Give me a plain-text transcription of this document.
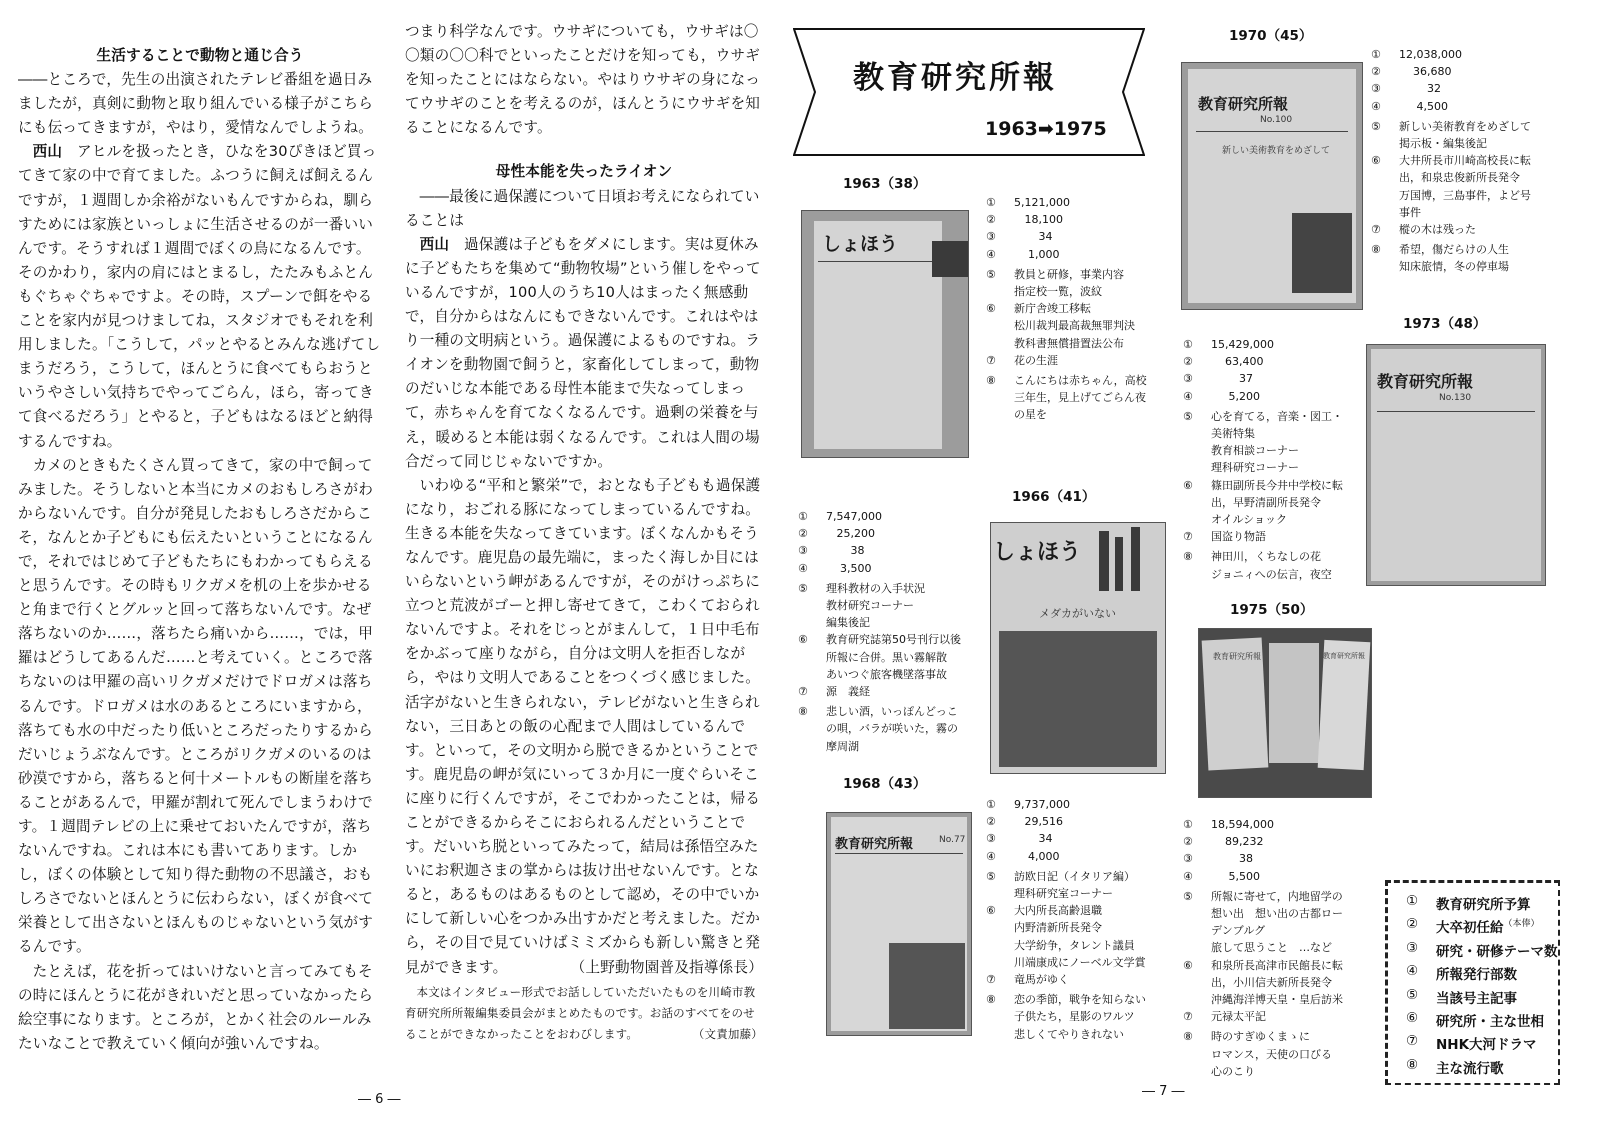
生活することで動物と通じ合う

――ところで，先生の出演されたテレビ番組を過日みましたが，真剣に動物と取り組んでいる様子がこちらにも伝ってきますが，やはり，愛情なんでしようね。

西山　 アヒルを扱ったとき，ひなを30ぴきほど買ってきて家の中で育てました。ふつうに飼えば飼えるんですが，１週間しか余裕がないもんですからね，馴らすためには家族といっしょに生活させるのが一番いいんです。そうすれば１週間でぼくの鳥になるんです。そのかわり，家内の肩にはとまるし，たたみもふとんもぐちゃぐちゃですよ。その時，スプーンで餌をやることを家内が見つけましてね，スタジオでもそれを利用しました。「こうして，パッとやるとみんな逃げてしまうだろう，こうして，ほんとうに食べてもらおうというやさしい気持ちでやってごらん，ほら，寄ってきて食べるだろう」とやると，子どもはなるほどと納得するんですね。

カメのときもたくさん買ってきて，家の中で飼ってみました。そうしないと本当にカメのおもしろさがわからないんです。自分が発見したおもしろさだからこそ，なんとか子どもにも伝えたいということになるんで，それではじめて子どもたちにもわかってもらえると思うんです。その時もリクガメを机の上を歩かせると角まで行くとグルッと回って落ちないんです。なぜ落ちないのか……，落ちたら痛いから……，では，甲羅はどうしてあるんだ……と考えていく。ところで落ちないのは甲羅の高いリクガメだけでドロガメは落ちるんです。ドロガメは水のあるところにいますから，落ちても水の中だったり低いところだったりするからだいじょうぶなんです。ところがリクガメのいるのは砂漠ですから，落ちると何十メートルもの断崖を落ちることがあるんで，甲羅が割れて死んでしまうわけです。１週間テレビの上に乗せておいたんですが，落ちないんですね。これは本にも書いてあります。しかし，ぼくの体験として知り得た動物の不思議さ，おもしろさでないとほんとうに伝わらない，ぼくが食べて栄養として出さないとほんものじゃないという気がするんです。

たとえば，花を折ってはいけないと言ってみてもその時にほんとうに花がきれいだと思っていなかったら絵空事になります。ところが，とかく社会のルールみたいなことで教えていく傾向が強いんですね。

つまり科学なんです。ウサギについても，ウサギは〇〇類の〇〇科でといったことだけを知っても，ウサギを知ったことにはならない。やはりウサギの身になってウサギのことを考えるのが，ほんとうにウサギを知ることになるんです。

母性本能を失ったライオン

――最後に過保護について日頃お考えになられていることは

西山　 過保護は子どもをダメにします。実は夏休みに子どもたちを集めて“動物牧場”という催しをやっているんですが，100人のうち10人はまったく無感動で，自分からはなんにもできないんです。これはやはり一種の文明病という。過保護によるものですね。ライオンを動物園で飼うと，家畜化してしまって，動物のだいじな本能である母性本能まで失なってしまって，赤ちゃんを育てなくなるんです。過剰の栄養を与え，暖めると本能は弱くなるんです。これは人間の場合だって同じじゃないですか。

いわゆる“平和と繁栄”で，おとなも子どもも過保護になり，おごれる豚になってしまっているんですね。生きる本能を失なってきています。ぼくなんかもそうなんです。鹿児島の最先端に，まったく海しか目にはいらないという岬があるんですが，そのがけっぷちに立つと荒波がゴーと押し寄せてきて，こわくておられないんですよ。それをじっとがまんして，１日中毛布をかぶって座りながら，自分は文明人を拒否しながら，やはり文明人であることをつくづく感じました。活字がないと生きられない，テレビがないと生きられない，三日あとの飯の心配まで人間はしているんです。といって，その文明から脱できるかということです。鹿児島の岬が気にいって３か月に一度ぐらいそこに座りに行くんですが，そこでわかったことは，帰ることができるからそこにおられるんだということです。だいいち脱といってみたって，結局は孫悟空みたいにお釈迦さまの掌からは抜け出せないんです。となると，あるものはあるものとして認め，その中でいかにして新しい心をつかみ出すかだと考えました。だから，その目で見ていけばミミズからも新しい驚きと発見ができます。	（上野動物園普及指導係長）

本文はインタビュー形式でお話ししていただいたものを川崎市教育研究所所報編集委員会がまとめたものです。お話のすべてをのせることができなかったことをおわびします。	（文責加藤）

― 6 ―
教育研究所報
1963➡1975
1963（38）
しょほう
①	5,121,000
②	18,100
③	34
④	1,000
⑤	教員と研修，事業内容
指定校一覧，波紋
⑥	新庁舎竣工移転
松川裁判最高裁無罪判決
教科書無償措置法公布
⑦	花の生涯
⑧	こんにちは赤ちゃん，高校
三年生，見上げてごらん夜
の星を
1966（41）
しょほう
メダカがいない
①	7,547,000
②	25,200
③	38
④	3,500
⑤	理科教材の入手状況
教材研究コーナー
編集後記
⑥	教育研究誌第50号刊行以後
所報に合併。黒い霧解散
あいつぐ旅客機墜落事故
⑦	源　義経
⑧	悲しい酒，いっぽんどっこ
の唄，バラが咲いた，霧の
摩周湖
1968（43）
教育研究所報	No.77
①	9,737,000
②	29,516
③	34
④	4,000
⑤	訪欧日記（イタリア編）
理科研究室コーナー
⑥	大内所長高齢退職
内野清新所長発令
大学紛争，タレント議員
川端康成にノーベル文学賞
⑦	竜馬がゆく
⑧	恋の季節，戦争を知らない
子供たち，星影のワルツ
悲しくてやりきれない
1970（45）
教育研究所報
No.100
新しい美術教育をめざして
①	12,038,000
②	36,680
③	32
④	4,500
⑤	新しい美術教育をめざして
掲示板・編集後記
⑥	大井所長市川崎高校長に転
出，和泉忠俊新所長発令
万国博，三島事件，よど号
事件
⑦	樅の木は残った
⑧	希望，傷だらけの人生
知床旅情，冬の停車場
1973（48）
教育研究所報
No.130
①	15,429,000
②	63,400
③	37
④	5,200
⑤	心を育てる，音楽・図工・
美術特集
教育相談コーナー
理科研究コーナー
⑥	篠田副所長今井中学校に転
出，早野清副所長発令
オイルショック
⑦	国盗り物語
⑧	神田川，くちなしの花
ジョニィへの伝言，夜空
1975（50）
教育研究所報	教育研究所報
①	18,594,000
②	89,232
③	38
④	5,500
⑤	所報に寄せて，内地留学の
想い出　想い出の古都ロー
デンブルグ
旅して思うこと　…など
⑥	和泉所長高津市民館長に転
出，小川信夫新所長発令
沖縄海洋博天皇・皇后訪米
⑦	元禄太平記
⑧	時のすぎゆくまゝに
ロマンス，天使の口びる
心のこり
①	教育研究所予算
②	大卒初任給 （本俸）
③	研究・研修テーマ数
④	所報発行部数
⑤	当該号主記事
⑥	研究所・主な世相
⑦	NHK大河ドラマ
⑧	主な流行歌
― 7 ―
